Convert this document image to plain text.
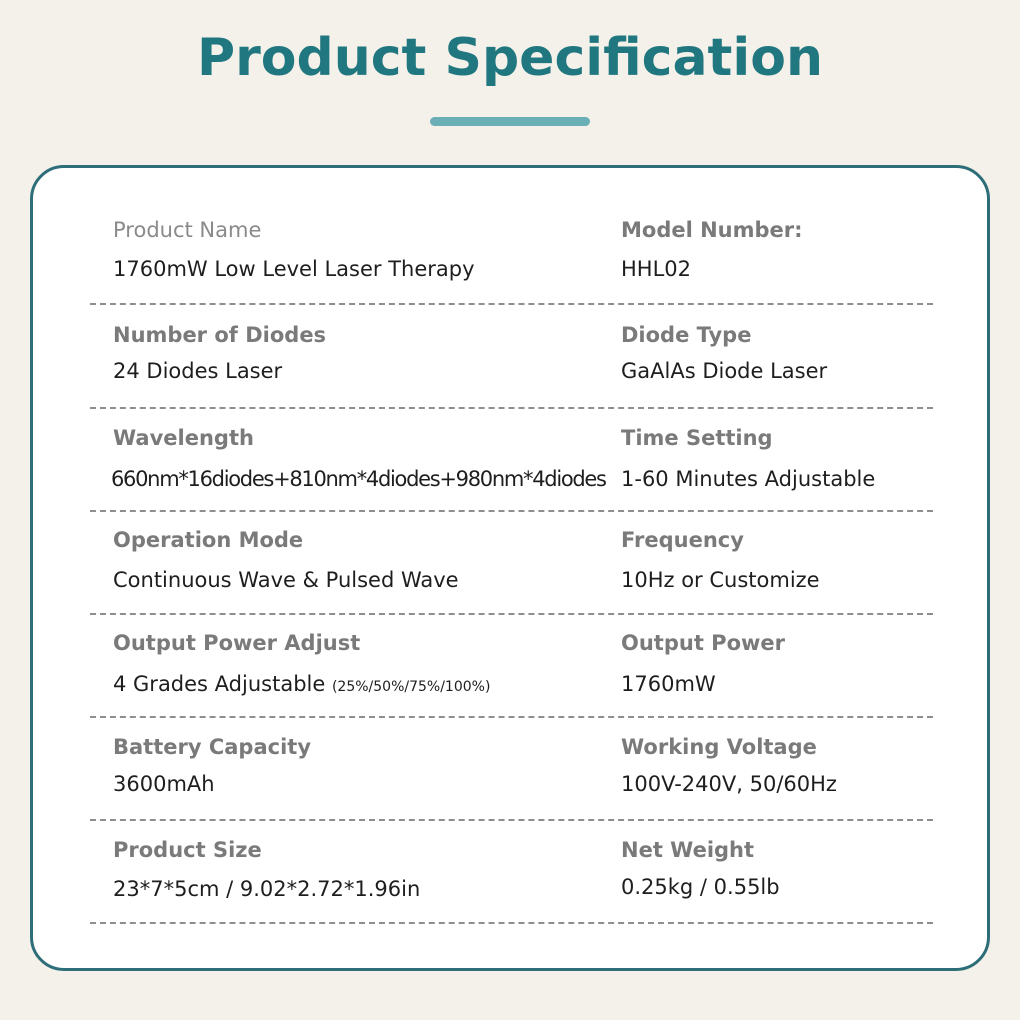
Product Specification
Product Name
1760mW Low Level Laser Therapy
Model Number:
HHL02
Number of Diodes
24 Diodes Laser
Diode Type
GaAlAs Diode Laser
Wavelength
660nm*16diodes+810nm*4diodes+980nm*4diodes
Time Setting
1-60 Minutes Adjustable
Operation Mode
Continuous Wave & Pulsed Wave
Frequency
10Hz or Customize
Output Power Adjust
4 Grades Adjustable (25%/50%/75%/100%)
Output Power
1760mW
Battery Capacity
3600mAh
Working Voltage
100V-240V, 50/60Hz
Product Size
23*7*5cm / 9.02*2.72*1.96in
Net Weight
0.25kg / 0.55lb
